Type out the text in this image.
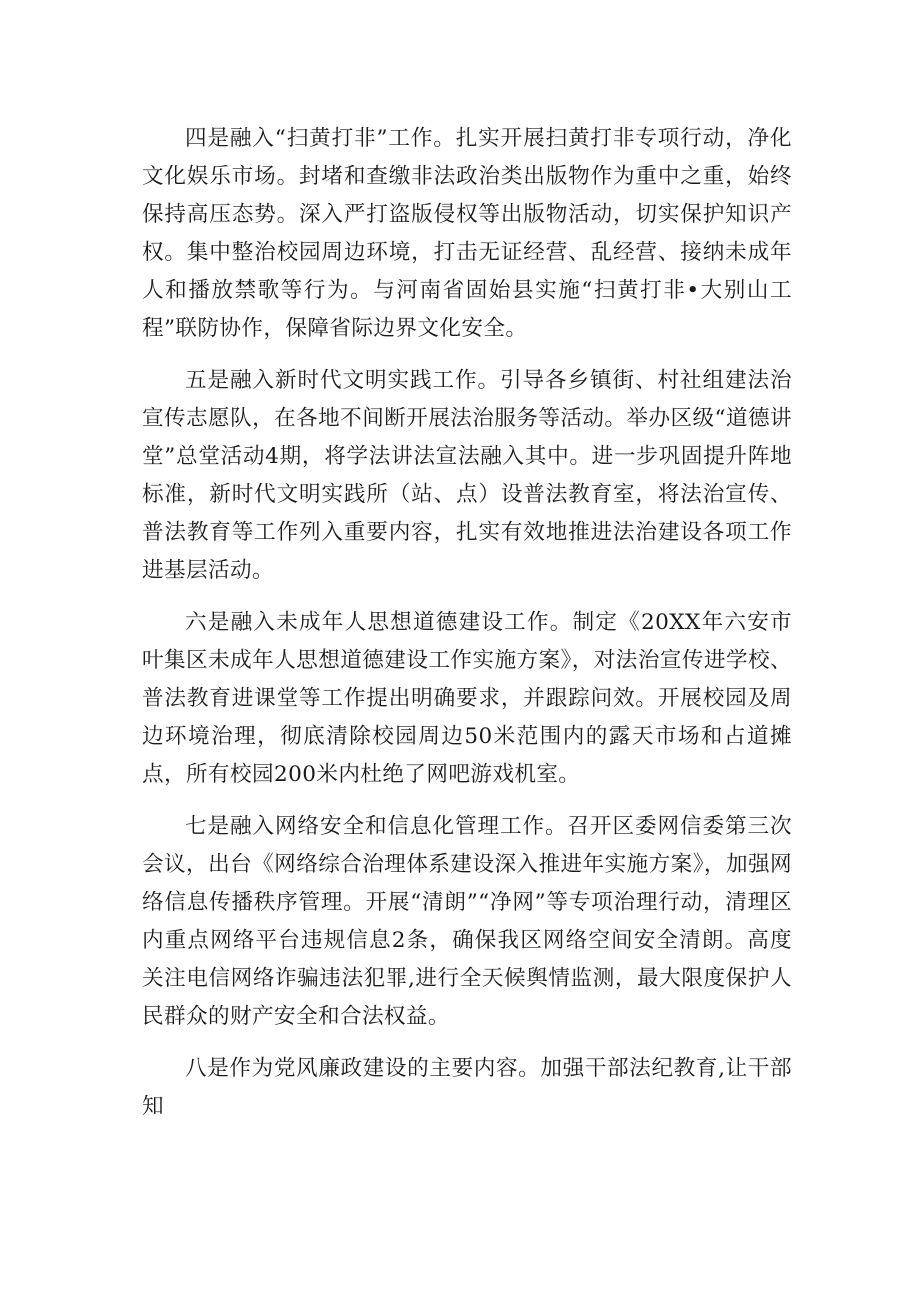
四是融入“扫黄打非”工作。扎实开展扫黄打非专项行动，净化文化娱乐市场。封堵和查缴非法政治类出版物作为重中之重，始终保持高压态势。深入严打盗版侵权等出版物活动，切实保护知识产权。集中整治校园周边环境，打击无证经营、乱经营、接纳未成年人和播放禁歌等行为。与河南省固始县实施“扫黄打非•大别山工程”联防协作，保障省际边界文化安全。

五是融入新时代文明实践工作。引导各乡镇街、村社组建法治宣传志愿队，在各地不间断开展法治服务等活动。举办区级“道德讲堂”总堂活动4期，将学法讲法宣法融入其中。进一步巩固提升阵地标准，新时代文明实践所（站、点）设普法教育室，将法治宣传、普法教育等工作列入重要内容，扎实有效地推进法治建设各项工作进基层活动。

六是融入未成年人思想道德建设工作。制定《20XX年六安市叶集区未成年人思想道德建设工作实施方案》，对法治宣传进学校、普法教育进课堂等工作提出明确要求，并跟踪问效。开展校园及周边环境治理，彻底清除校园周边50米范围内的露天市场和占道摊点，所有校园200米内杜绝了网吧游戏机室。

七是融入网络安全和信息化管理工作。召开区委网信委第三次会议，出台《网络综合治理体系建设深入推进年实施方案》，加强网络信息传播秩序管理。开展“清朗”“净网”等专项治理行动，清理区内重点网络平台违规信息2条，确保我区网络空间安全清朗。高度关注电信网络诈骗违法犯罪,进行全天候舆情监测，最大限度保护人民群众的财产安全和合法权益。

八是作为党风廉政建设的主要内容。加强干部法纪教育,让干部知
